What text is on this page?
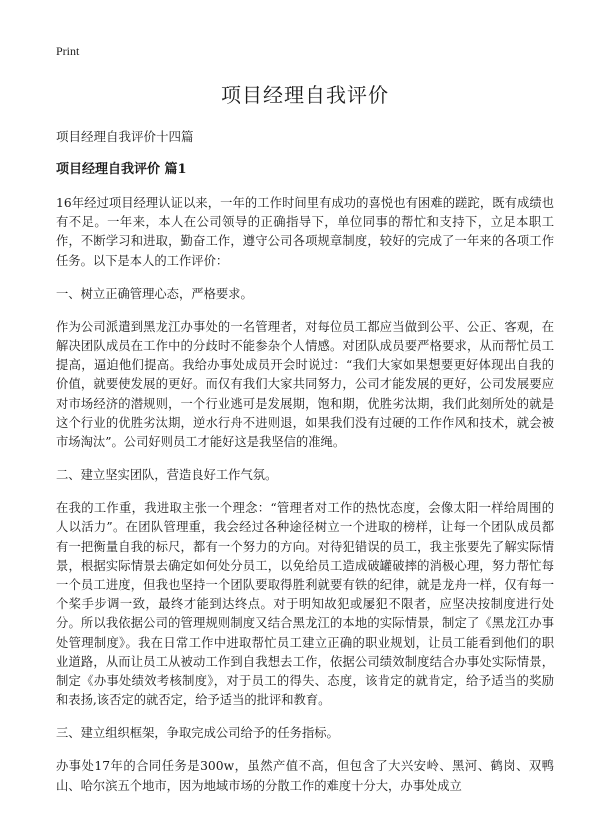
Print
项目经理自我评价
项目经理自我评价十四篇
项目经理自我评价 篇1

16年经过项目经理认证以来，一年的工作时间里有成功的喜悦也有困难的蹉跎，既有成绩也有不足。一年来，本人在公司领导的正确指导下，单位同事的帮忙和支持下，立足本职工作，不断学习和进取，勤奋工作，遵守公司各项规章制度，较好的完成了一年来的各项工作任务。以下是本人的工作评价：

一、树立正确管理心态，严格要求。

作为公司派遣到黑龙江办事处的一名管理者，对每位员工都应当做到公平、公正、客观，在解决团队成员在工作中的分歧时不能参杂个人情感。对团队成员要严格要求，从而帮忙员工提高，逼迫他们提高。我给办事处成员开会时说过：“我们大家如果想要更好体现出自我的价值，就要使发展的更好。而仅有我们大家共同努力，公司才能发展的更好，公司发展要应对市场经济的潜规则，一个行业逃可是发展期，饱和期，优胜劣汰期，我们此刻所处的就是这个行业的优胜劣汰期，逆水行舟不进则退，如果我们没有过硬的工作作风和技术，就会被市场淘汰”。公司好则员工才能好这是我坚信的准绳。

二、建立坚实团队，营造良好工作气氛。

在我的工作重，我进取主张一个理念：“管理者对工作的热忱态度，会像太阳一样给周围的人以活力”。在团队管理重，我会经过各种途径树立一个进取的榜样，让每一个团队成员都有一把衡量自我的标尺，都有一个努力的方向。对待犯错误的员工，我主张要先了解实际情景，根据实际情景去确定如何处分员工，以免给员工造成破罐破摔的消极心理，努力帮忙每一个员工进度，但我也坚持一个团队要取得胜利就要有铁的纪律，就是龙舟一样，仅有每一个桨手步调一致，最终才能到达终点。对于明知故犯或屡犯不限者，应坚决按制度进行处分。所以我依据公司的管理规则制度又结合黑龙江的本地的实际情景，制定了《黑龙江办事处管理制度》。我在日常工作中进取帮忙员工建立正确的职业规划，让员工能看到他们的职业道路，从而让员工从被动工作到自我想去工作，依据公司绩效制度结合办事处实际情景，制定《办事处绩效考核制度》，对于员工的得失、态度，该肯定的就肯定，给予适当的奖励和表扬,该否定的就否定，给予适当的批评和教育。

三、建立组织框架，争取完成公司给予的任务指标。

办事处17年的合同任务是300w，虽然产值不高，但包含了大兴安岭、黑河、鹤岗、双鸭山、哈尔滨五个地市，因为地域市场的分散工作的难度十分大，办事处成立
